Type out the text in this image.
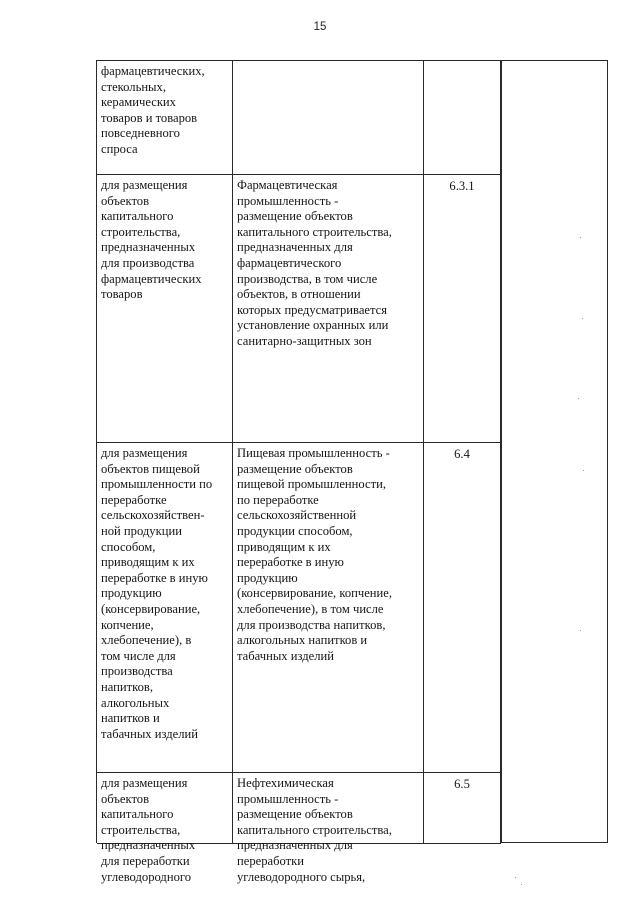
15
фармацевтических,
стекольных,
керамических
товаров и товаров
повседневного
спроса
для размещения
объектов
капитального
строительства,
предназначенных
для производства
фармацевтических
товаров
Фармацевтическая
промышленность -
размещение объектов
капитального строительства,
предназначенных для
фармацевтического
производства, в том числе
объектов, в отношении
которых предусматривается
установление охранных или
санитарно-защитных зон
6.3.1
для размещения
объектов пищевой
промышленности по
переработке
сельскохозяйствен-
ной продукции
способом,
приводящим к их
переработке в иную
продукцию
(консервирование,
копчение,
хлебопечение), в
том числе для
производства
напитков,
алкогольных
напитков и
табачных изделий
Пищевая промышленность -
размещение объектов
пищевой промышленности,
по переработке
сельскохозяйственной
продукции способом,
приводящим к их
переработке в иную
продукцию
(консервирование, копчение,
хлебопечение), в том числе
для производства напитков,
алкогольных напитков и
табачных изделий
6.4
для размещения
объектов
капитального
строительства,
предназначенных
для переработки
углеводородного
Нефтехимическая
промышленность -
размещение объектов
капитального строительства,
предназначенных для
переработки
углеводородного сырья,
6.5
